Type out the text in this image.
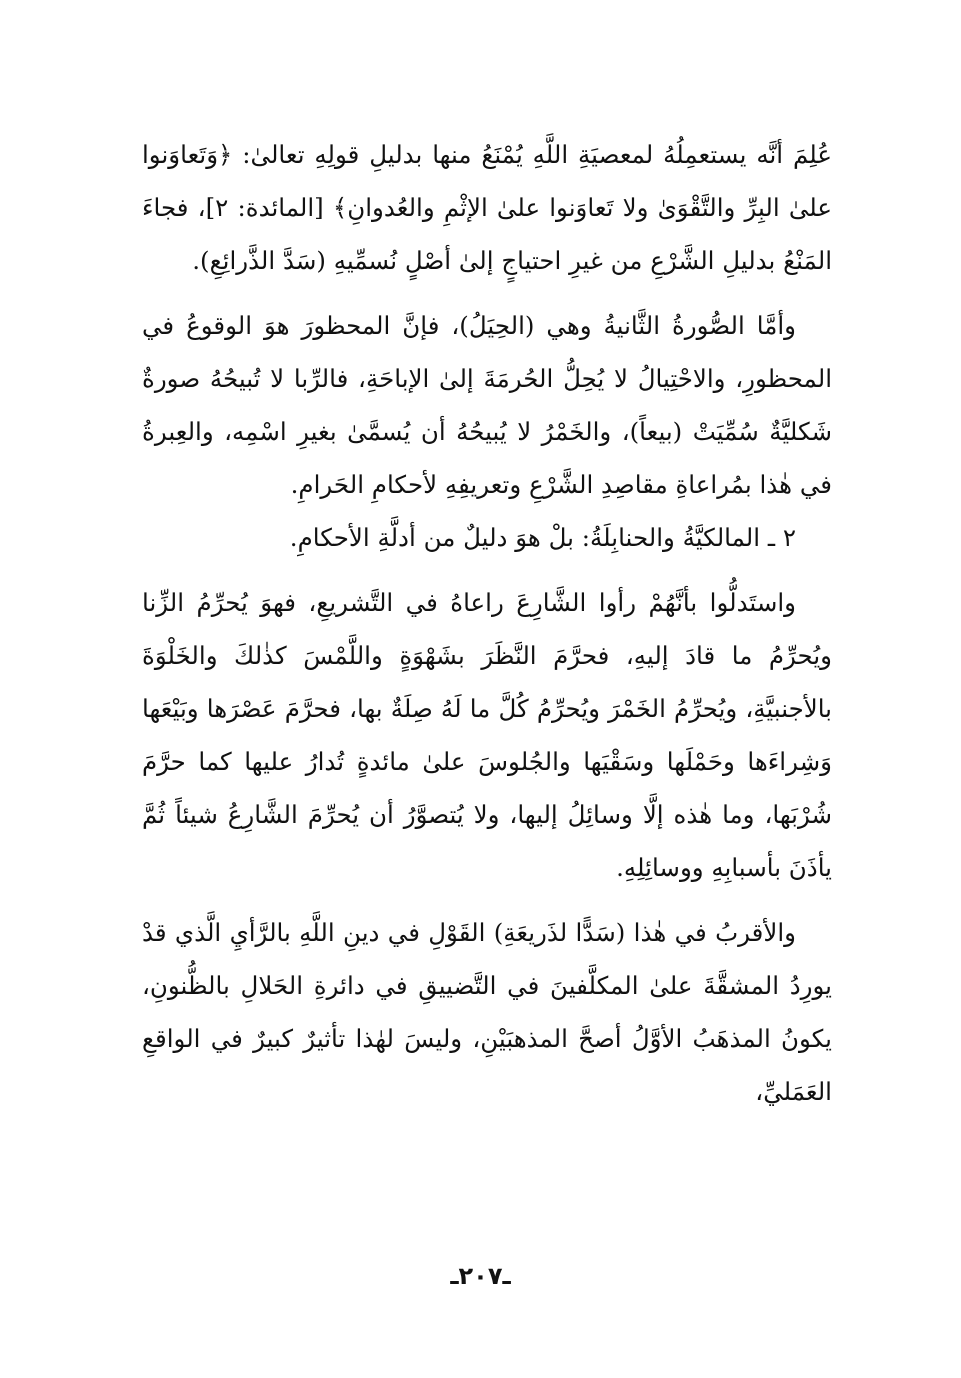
عُلِمَ أنَّه يستعمِلُهُ لمعصيَةِ اللَّهِ يُمْنَعُ منها بدليلِ قولِهِ تعالىٰ: ﴿وَتَعاوَنوا علىٰ البِرِّ والتَّقْوَىٰ ولا تَعاوَنوا علىٰ الإثْمِ والعُدوانِ﴾ [المائدة: ٢]، فجاءَ المَنْعُ بدليلِ الشَّرْعِ من غيرِ احتياجٍ إلىٰ أصْلٍ نُسمِّيهِ (سَدَّ الذَّرائِعِ).

وأمَّا الصُّورةُ الثَّانيةُ وهي (الحِيَلُ)، فإنَّ المحظورَ هوَ الوقوعُ في المحظورِ، والاحْتِيالُ لا يُحِلُّ الحُرمَةَ إلىٰ الإباحَةِ، فالرِّبا لا تُبيحُهُ صورةٌ شَكليَّةٌ سُمِّيَتْ (بيعاً)، والخَمْرُ لا يُبيحُهُ أن يُسمَّىٰ بغيرِ اسْمِه، والعِبرةُ في هٰذا بمُراعاةِ مقاصِدِ الشَّرْعِ وتعريفِهِ لأحكامِ الحَرامِ.

٢ ـ المالكيَّةُ والحنابِلَةُ: بلْ هوَ دليلٌ من أدلَّةِ الأحكامِ.

واستَدلُّوا بأنَّهُمْ رأوا الشَّارِعَ راعاهُ في التَّشريعِ، فهوَ يُحرِّمُ الزِّنا ويُحرِّمُ ما قادَ إليهِ، فحرَّمَ النَّظَرَ بشَهْوَةٍ واللَّمْسَ كذٰلكَ والخَلْوَةَ بالأجنبيَّةِ، ويُحرِّمُ الخَمْرَ ويُحرِّمُ كُلَّ ما لَهُ صِلَةٌ بها، فحرَّمَ عَصْرَها وبَيْعَها وَشِراءَها وحَمْلَها وسَقْيَها والجُلوسَ علىٰ مائدةٍ تُدارُ عليها كما حرَّمَ شُرْبَها، وما هٰذه إلَّا وسائِلُ إليها، ولا يُتصوَّرُ أن يُحرِّمَ الشَّارِعُ شيئاً ثُمَّ يأذَنَ بأسبابِهِ ووسائِلِهِ.

والأقربُ في هٰذا (سَدًّا لذَريعَةِ) القَوْلِ في دينِ اللَّهِ بالرَّأيِ الَّذي قدْ يورِدُ المشقَّةَ علىٰ المكلَّفينَ في التَّضييقِ في دائرةِ الحَلالِ بالظُّنونِ، يكونُ المذهَبُ الأوَّلُ أصحَّ المذهبَيْنِ، وليسَ لهٰذا تأثيرٌ كبيرٌ في الواقعِ العَمَليِّ،

ـ٢٠٧ـ
